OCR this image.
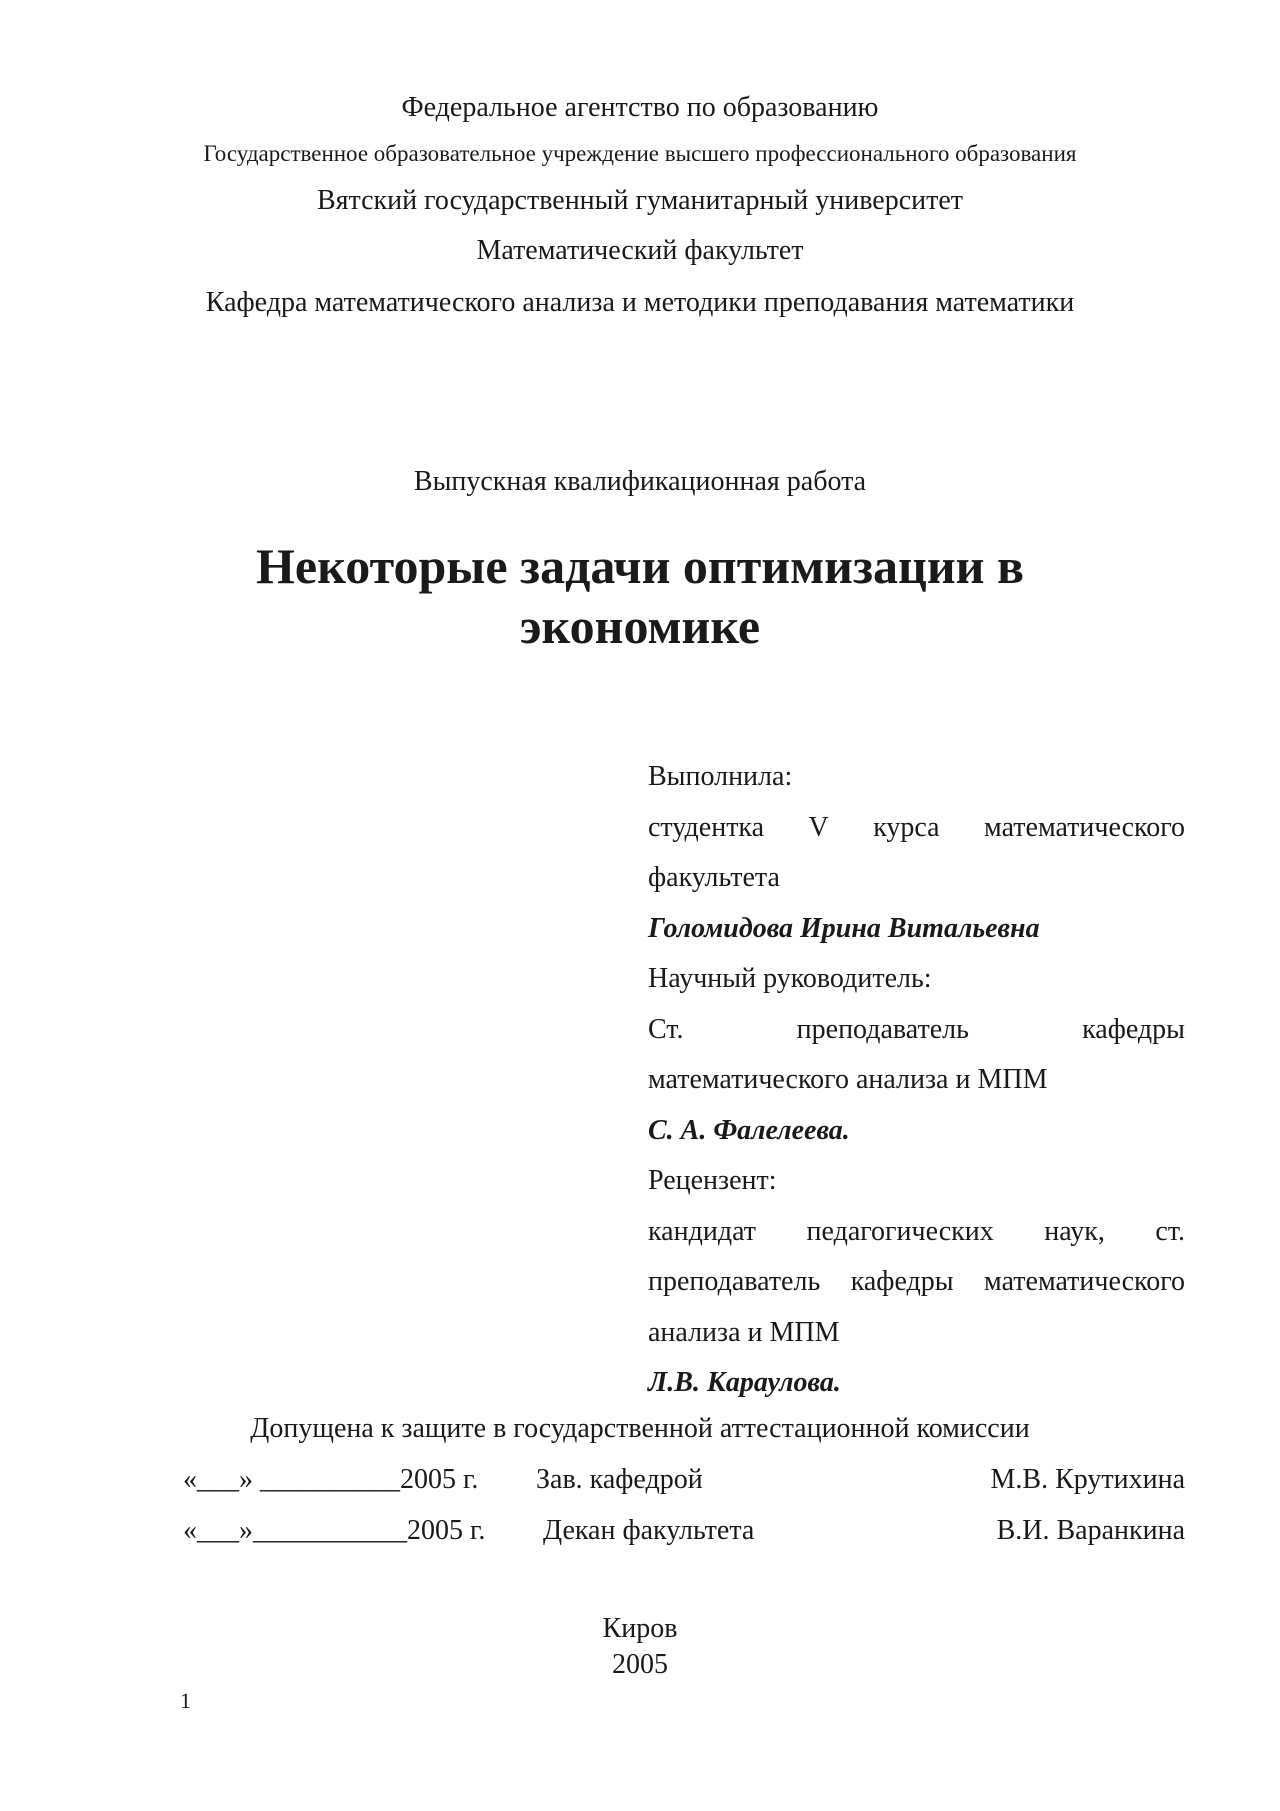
Федеральное агентство по образованию
Государственное образовательное учреждение высшего профессионального образования
Вятский государственный гуманитарный университет
Математический факультет
Кафедра математического анализа и методики преподавания математики
Выпускная квалификационная работа
Некоторые задачи оптимизации в
экономике
Выполнила:
студентка V курса математического
факультета
Голомидова Ирина Витальевна
Научный руководитель:
Ст.	преподаватель	кафедры
математического анализа и МПМ
С. А. Фалелеева.
Рецензент:
кандидат педагогических наук, ст.
преподаватель кафедры математического
анализа и МПМ
Л.В. Караулова.
Допущена к защите в государственной аттестационной комиссии
«___» __________2005 г. Зав. кафедрой	М.В. Крутихина
«___»___________2005 г. Декан факультета	В.И. Варанкина
Киров
2005
1
